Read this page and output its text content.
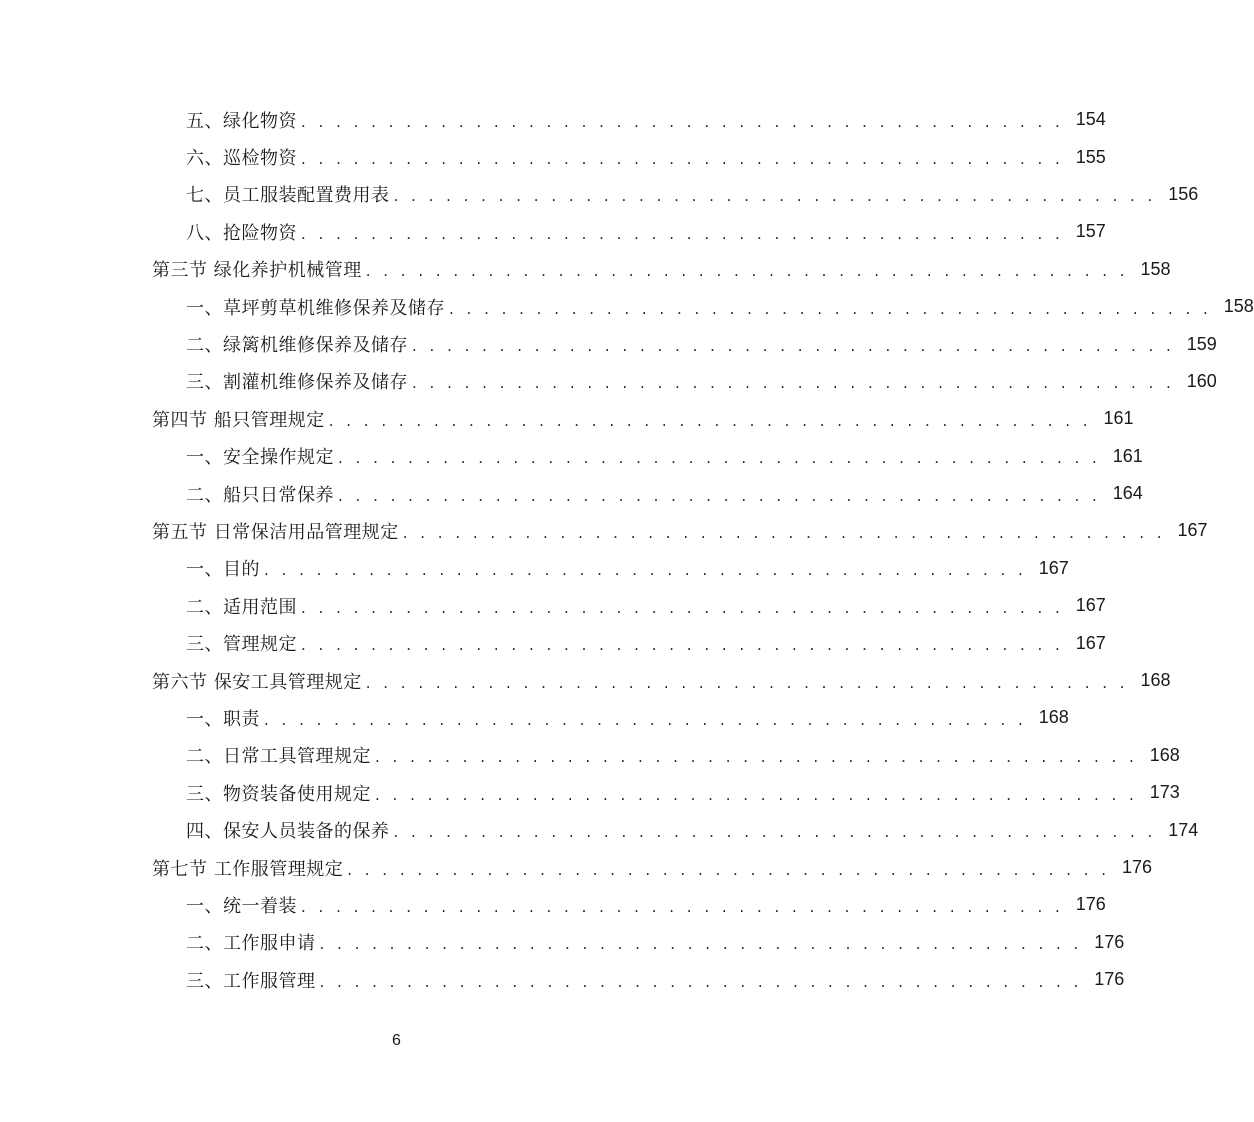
五、绿化物资 . . . . . . . . . . . . . . . . . . . . . . . . . . . . . . . . . . . . . . . . . . . . 154
六、巡检物资 . . . . . . . . . . . . . . . . . . . . . . . . . . . . . . . . . . . . . . . . . . . . 155
七、员工服装配置费用表 . . . . . . . . . . . . . . . . . . . . . . . . . . . . . . . . . . . . . . . . . . . . 156
八、抢险物资 . . . . . . . . . . . . . . . . . . . . . . . . . . . . . . . . . . . . . . . . . . . . 157
第三节 绿化养护机械管理 . . . . . . . . . . . . . . . . . . . . . . . . . . . . . . . . . . . . . . . . . . . . 158
一、草坪剪草机维修保养及储存 . . . . . . . . . . . . . . . . . . . . . . . . . . . . . . . . . . . . . . . . . . . . 158
二、绿篱机维修保养及储存 . . . . . . . . . . . . . . . . . . . . . . . . . . . . . . . . . . . . . . . . . . . . 159
三、割灌机维修保养及储存 . . . . . . . . . . . . . . . . . . . . . . . . . . . . . . . . . . . . . . . . . . . . 160
第四节 船只管理规定 . . . . . . . . . . . . . . . . . . . . . . . . . . . . . . . . . . . . . . . . . . . . 161
一、安全操作规定 . . . . . . . . . . . . . . . . . . . . . . . . . . . . . . . . . . . . . . . . . . . . 161
二、船只日常保养 . . . . . . . . . . . . . . . . . . . . . . . . . . . . . . . . . . . . . . . . . . . . 164
第五节 日常保洁用品管理规定 . . . . . . . . . . . . . . . . . . . . . . . . . . . . . . . . . . . . . . . . . . . . 167
一、目的 . . . . . . . . . . . . . . . . . . . . . . . . . . . . . . . . . . . . . . . . . . . . 167
二、适用范围 . . . . . . . . . . . . . . . . . . . . . . . . . . . . . . . . . . . . . . . . . . . . 167
三、管理规定 . . . . . . . . . . . . . . . . . . . . . . . . . . . . . . . . . . . . . . . . . . . . 167
第六节 保安工具管理规定 . . . . . . . . . . . . . . . . . . . . . . . . . . . . . . . . . . . . . . . . . . . . 168
一、职责 . . . . . . . . . . . . . . . . . . . . . . . . . . . . . . . . . . . . . . . . . . . . 168
二、日常工具管理规定 . . . . . . . . . . . . . . . . . . . . . . . . . . . . . . . . . . . . . . . . . . . . 168
三、物资装备使用规定 . . . . . . . . . . . . . . . . . . . . . . . . . . . . . . . . . . . . . . . . . . . . 173
四、保安人员装备的保养 . . . . . . . . . . . . . . . . . . . . . . . . . . . . . . . . . . . . . . . . . . . . 174
第七节 工作服管理规定 . . . . . . . . . . . . . . . . . . . . . . . . . . . . . . . . . . . . . . . . . . . . 176
一、统一着装 . . . . . . . . . . . . . . . . . . . . . . . . . . . . . . . . . . . . . . . . . . . . 176
二、工作服申请 . . . . . . . . . . . . . . . . . . . . . . . . . . . . . . . . . . . . . . . . . . . . 176
三、工作服管理 . . . . . . . . . . . . . . . . . . . . . . . . . . . . . . . . . . . . . . . . . . . . 176
6
